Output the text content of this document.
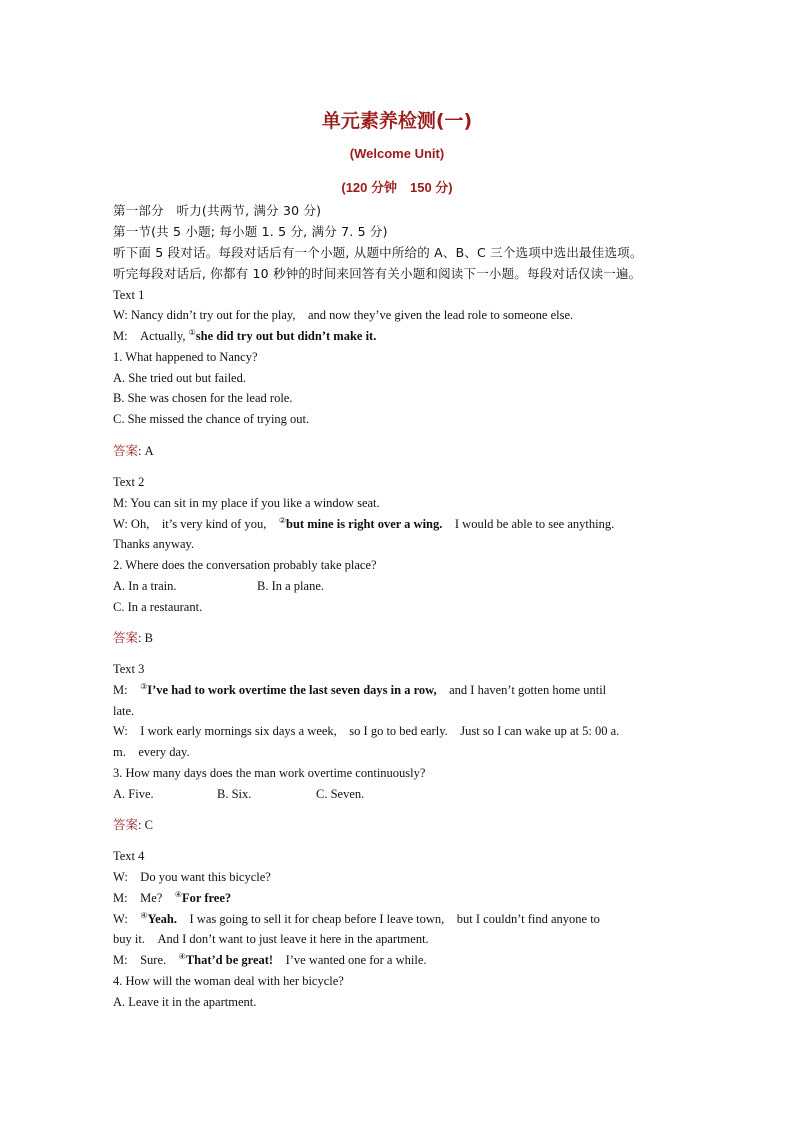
单元素养检测(一)
(Welcome Unit)
(120 分钟　150 分)
第一部分　听力(共两节, 满分 30 分)
第一节(共 5 小题; 每小题 1. 5 分, 满分 7. 5 分)
听下面 5 段对话。每段对话后有一个小题, 从题中所给的 A、B、C 三个选项中选出最佳选项。
听完每段对话后, 你都有 10 秒钟的时间来回答有关小题和阅读下一小题。每段对话仅读一遍。
Text 1
W: Nancy didn’t try out for the play,　and now they’ve given the lead role to someone else.
M:　Actually, ①she did try out but didn’t make it.
1. What happened to Nancy?
A. She tried out but failed.
B. She was chosen for the lead role.
C. She missed the chance of trying out.
答案: A
Text 2
M: You can sit in my place if you like a window seat.
W: Oh,　it’s very kind of you,　②but mine is right over a wing.　I would be able to see anything.
Thanks anyway.
2. Where does the conversation probably take place?
A. In a train.	B. In a plane.
C. In a restaurant.
答案: B
Text 3
M:　③I’ve had to work overtime the last seven days in a row,　and I haven’t gotten home until
late.
W:　I work early mornings six days a week,　so I go to bed early.　Just so I can wake up at 5: 00 a.
m.　every day.
3. How many days does the man work overtime continuously?
A. Five.	B. Six.	C. Seven.
答案: C
Text 4
W:　Do you want this bicycle?
M:　Me?　④For free?
W:　④Yeah.　I was going to sell it for cheap before I leave town,　but I couldn’t find anyone to
buy it.　And I don’t want to just leave it here in the apartment.
M:　Sure.　④That’d be great!　I’ve wanted one for a while.
4. How will the woman deal with her bicycle?
A. Leave it in the apartment.
